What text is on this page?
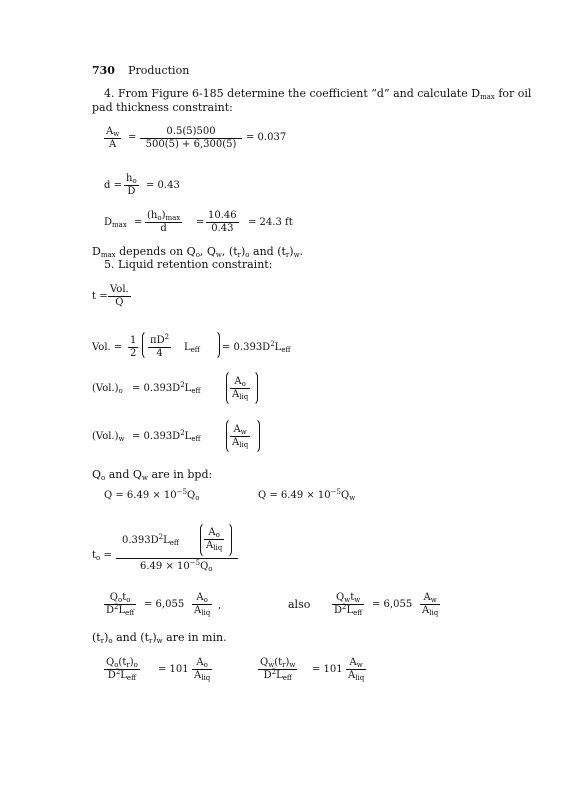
730 Production
4. From Figure 6-185 determine the coefficient “d” and calculate $D_{max}$ for oil
pad thickness constraint:
$\frac{A_w}{A} = \frac{0.5(5)500}{500(5) + 6,300(5)} = 0.037$
$d = \frac{h_o}{D} = 0.43$
$D_{max}$ =
$(h_o)_{max}$
d
= $\frac{10.46}{0.43} = 24.3$ ft
$D_{max}$ depends on $Q_o$, $Q_w$, $(t_r)_o$ and $(t_r)_w$.
5. Liquid retention constraint:
t =
Vol.
Q
Vol. = $\frac{1}{2} \frac{\pi D^2}{4} L_{eff} = 0.393D^2L_{eff}$
$(Vol.)_o = 0.393D^2L_{eff}$
$A_o$
$A_{liq}$
$(Vol.)_w = 0.393D^2L_{eff}$
$A_w$
$A_{liq}$
$Q_o$ and $Q_w$ are in bpd:
$Q = 6.49 \times 10^{-5}Q_o$	$Q = 6.49 \times 10^{-5}Q_w$
$t_o$ =
$0.393D^2L_{eff}$
$A_o$
$A_{liq}$
$6.49 \times 10^{-5}Q_o$
$Q_ot_o$
$D^2L_{eff}$
= 6,055
$A_o$
$A_{liq}$
,	also
$Q_wt_w$
$D^2L_{eff}$
= 6,055
$A_w$
$A_{liq}$
$(t_r)_o$ and $(t_r)_w$ are in min.
$Q_o(t_r)_o$
$D^2L_{eff}$
= 101
$A_o$
$A_{liq}$
$Q_w(t_r)_w$
$D^2L_{eff}$
= 101
$A_w$
$A_{liq}$
